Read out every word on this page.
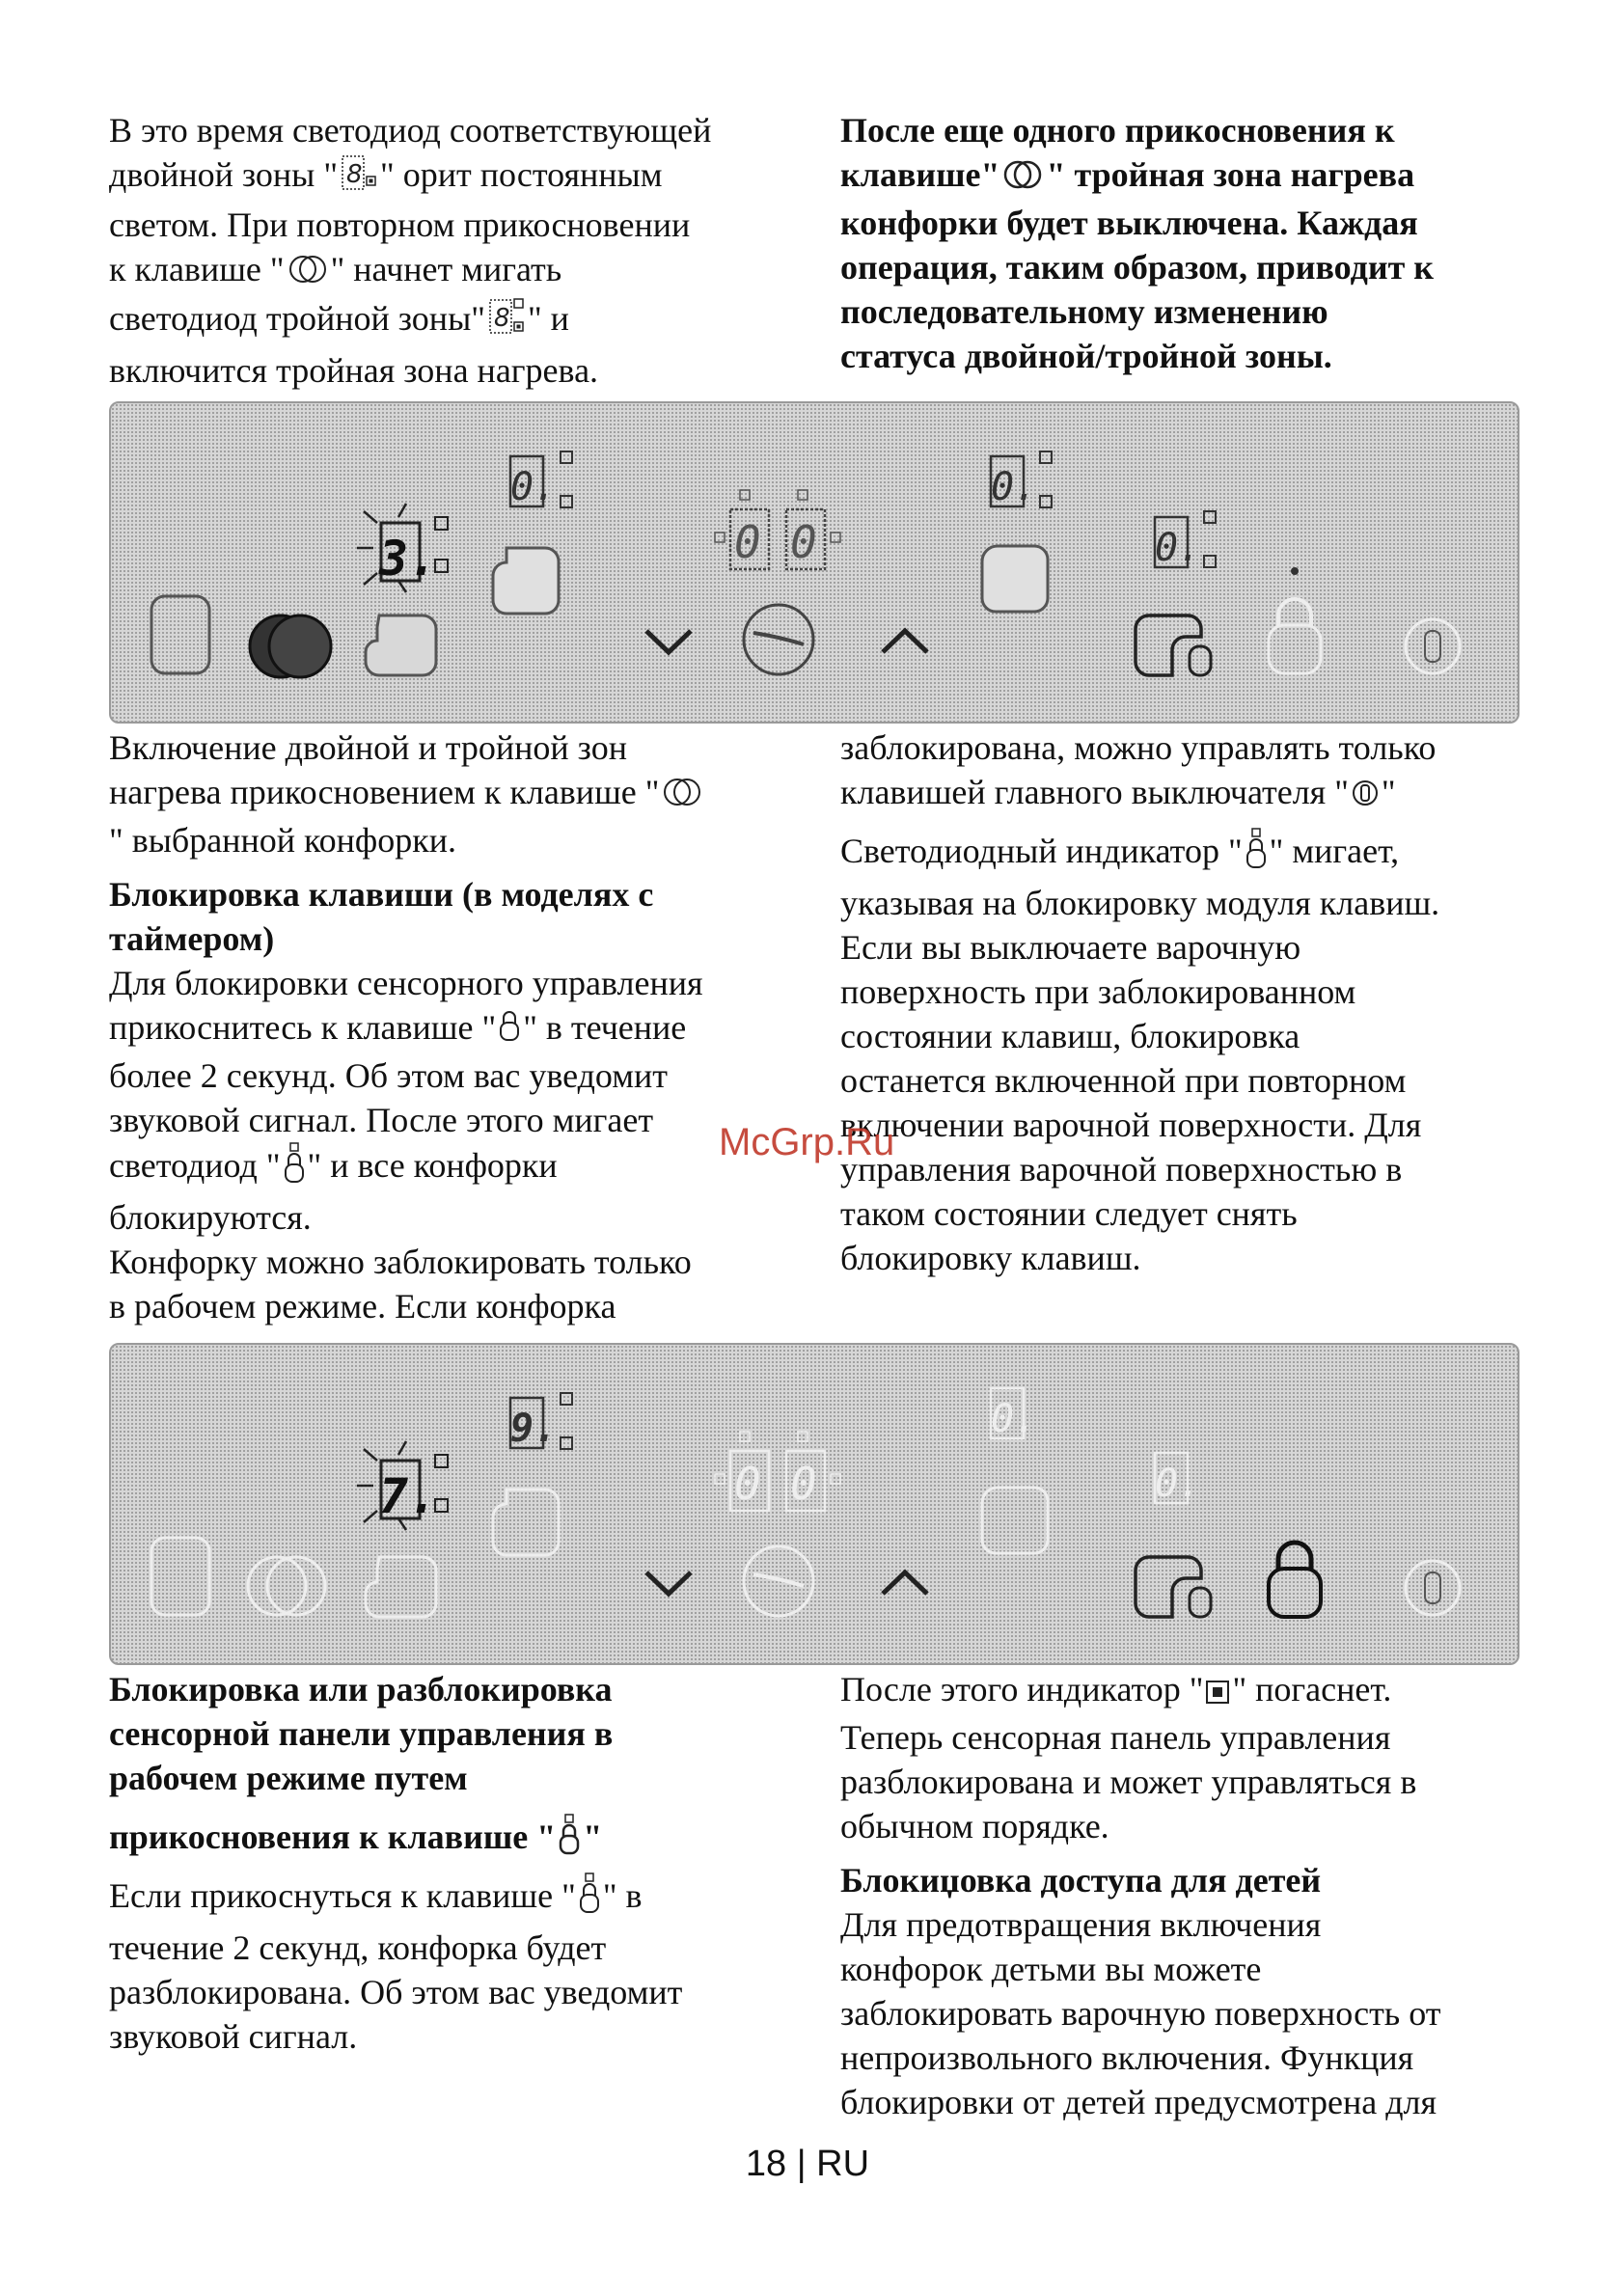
В это время светодиод соответствующей
двойной зоны " 8 " орит постоянным
светом. При повторном прикосновении
к клавише " " начнет мигать
светодиод тройной зоны" 8 " и
включится тройная зона нагрева.

После еще одного прикосновения к
клавише" " тройная зона нагрева
конфорки будет выключена. Каждая
операция, таким образом, приводит к
последовательному изменению
статуса двойной/тройной зоны.

0.
3.	0 0
0.
0.

Включение двойной и тройной зон
нагрева прикосновением к клавише "
" выбранной конфорки.

Блокировка клавиши (в моделях с
таймером)

Для блокировки сенсорного управления
прикоснитесь к клавише " " в течение
более 2 секунд. Об этом вас уведомит
звуковой сигнал. После этого мигает
светодиод " " и все конфорки
блокируются.
Конфорку можно заблокировать только
в рабочем режиме. Если конфорка

заблокирована, можно управлять только
клавишей главного выключателя " "

Светодиодный индикатор " " мигает,
указывая на блокировку модуля клавиш.
Если вы выключаете варочную
поверхность при заблокированном
состоянии клавиш, блокировка
останется включенной при повторном
включении варочной поверхности. Для
управления варочной поверхностью в
таком состоянии следует снять
блокировку клавиш.

McGrp.Ru
9.
7.	0 0
0.
0.

Блокировка или разблокировка
сенсорной панели управления в
рабочем режиме путем
прикосновения к клавише " "

Если прикоснуться к клавише " " в
течение 2 секунд, конфорка будет
разблокирована. Об этом вас уведомит
звуковой сигнал.

После этого индикатор " " погаснет.
Теперь сенсорная панель управления
разблокирована и может управляться в
обычном порядке.

Блокиџовка доступа для детей

Для предотвращения включения
конфорок детьми вы можете
заблокировать варочную поверхность от
непроизвольного включения. Функция
блокировки от детей предусмотрена для

18 | RU
